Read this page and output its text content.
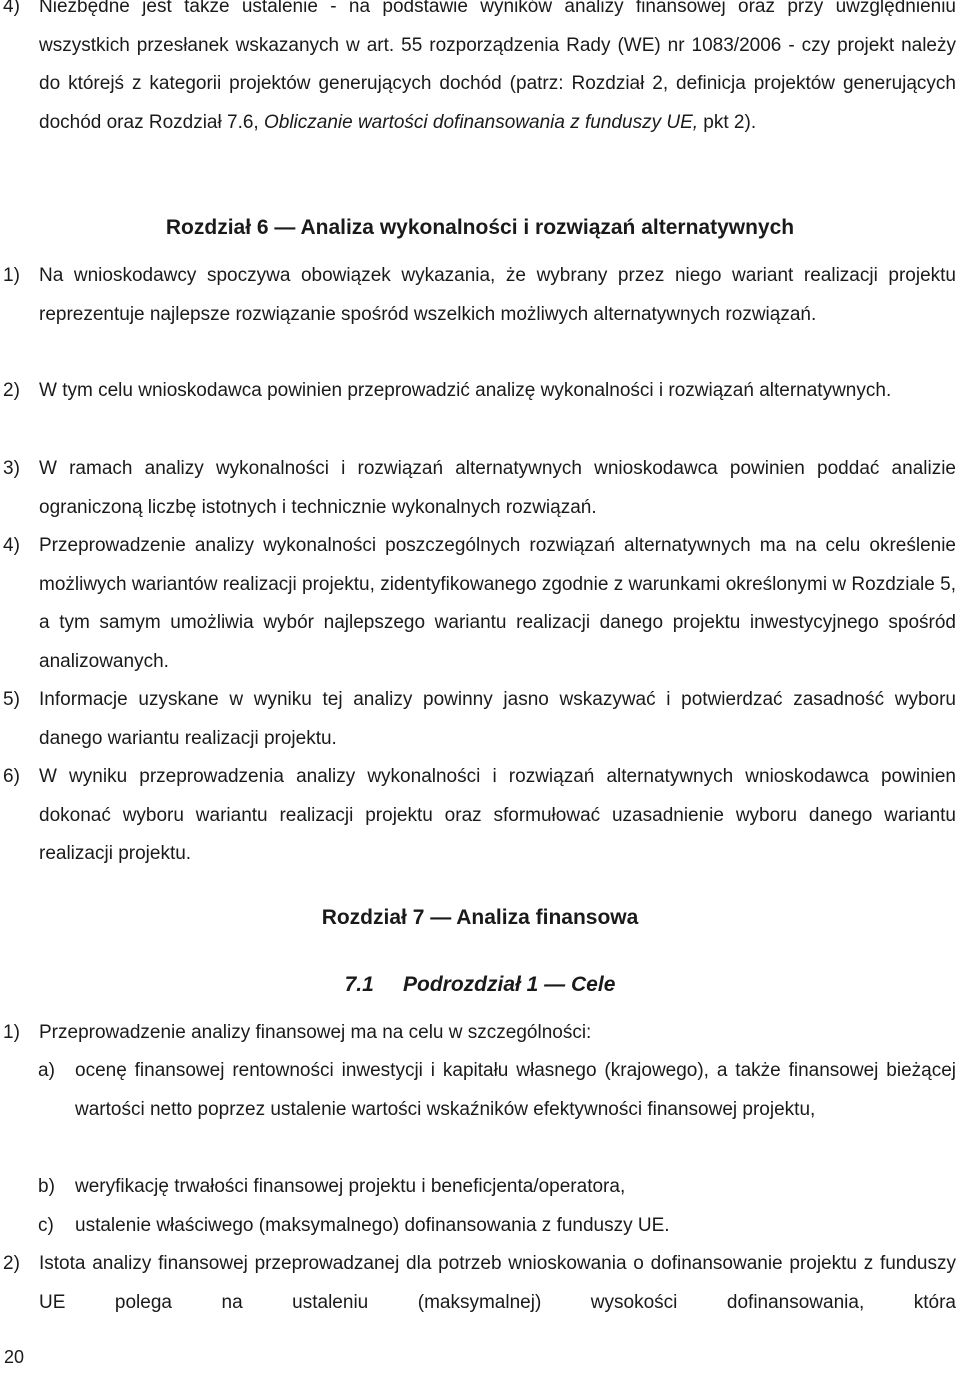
4)	Niezbędne jest także ustalenie - na podstawie wyników analizy finansowej oraz przy uwzględnieniu wszystkich przesłanek wskazanych w art. 55 rozporządzenia Rady (WE) nr 1083/2006 - czy projekt należy do którejś z kategorii projektów generujących dochód (patrz: Rozdział 2, definicja projektów generujących dochód oraz Rozdział 7.6, Obliczanie wartości dofinansowania z funduszy UE, pkt 2).
Rozdział 6 — Analiza wykonalności i rozwiązań alternatywnych
1)	Na wnioskodawcy spoczywa obowiązek wykazania, że wybrany przez niego wariant realizacji projektu reprezentuje najlepsze rozwiązanie spośród wszelkich możliwych alternatywnych rozwiązań.
2)	W tym celu wnioskodawca powinien przeprowadzić analizę wykonalności i rozwiązań alternatywnych.
3)	W ramach analizy wykonalności i rozwiązań alternatywnych wnioskodawca powinien poddać analizie ograniczoną liczbę istotnych i technicznie wykonalnych rozwiązań.
4)	Przeprowadzenie analizy wykonalności poszczególnych rozwiązań alternatywnych ma na celu określenie możliwych wariantów realizacji projektu, zidentyfikowanego zgodnie z warunkami określonymi w Rozdziale 5, a tym samym umożliwia wybór najlepszego wariantu realizacji danego projektu inwestycyjnego spośród analizowanych.
5)	Informacje uzyskane w wyniku tej analizy powinny jasno wskazywać i potwierdzać zasadność wyboru danego wariantu realizacji projektu.
6)	W wyniku przeprowadzenia analizy wykonalności i rozwiązań alternatywnych wnioskodawca powinien dokonać wyboru wariantu realizacji projektu oraz sformułować uzasadnienie wyboru danego wariantu realizacji projektu.
Rozdział 7 — Analiza finansowa
7.1     Podrozdział 1 — Cele
1)	Przeprowadzenie analizy finansowej ma na celu w szczególności:
a)	ocenę finansowej rentowności inwestycji i kapitału własnego (krajowego), a także finansowej bieżącej wartości netto poprzez ustalenie wartości wskaźników efektywności finansowej projektu,
b)	weryfikację trwałości finansowej projektu i beneficjenta/operatora,
c)	ustalenie właściwego (maksymalnego) dofinansowania z funduszy UE.
2)	Istota analizy finansowej przeprowadzanej dla potrzeb wnioskowania o dofinansowanie projektu z funduszy UE polega na ustaleniu (maksymalnej) wysokości dofinansowania, która
20
